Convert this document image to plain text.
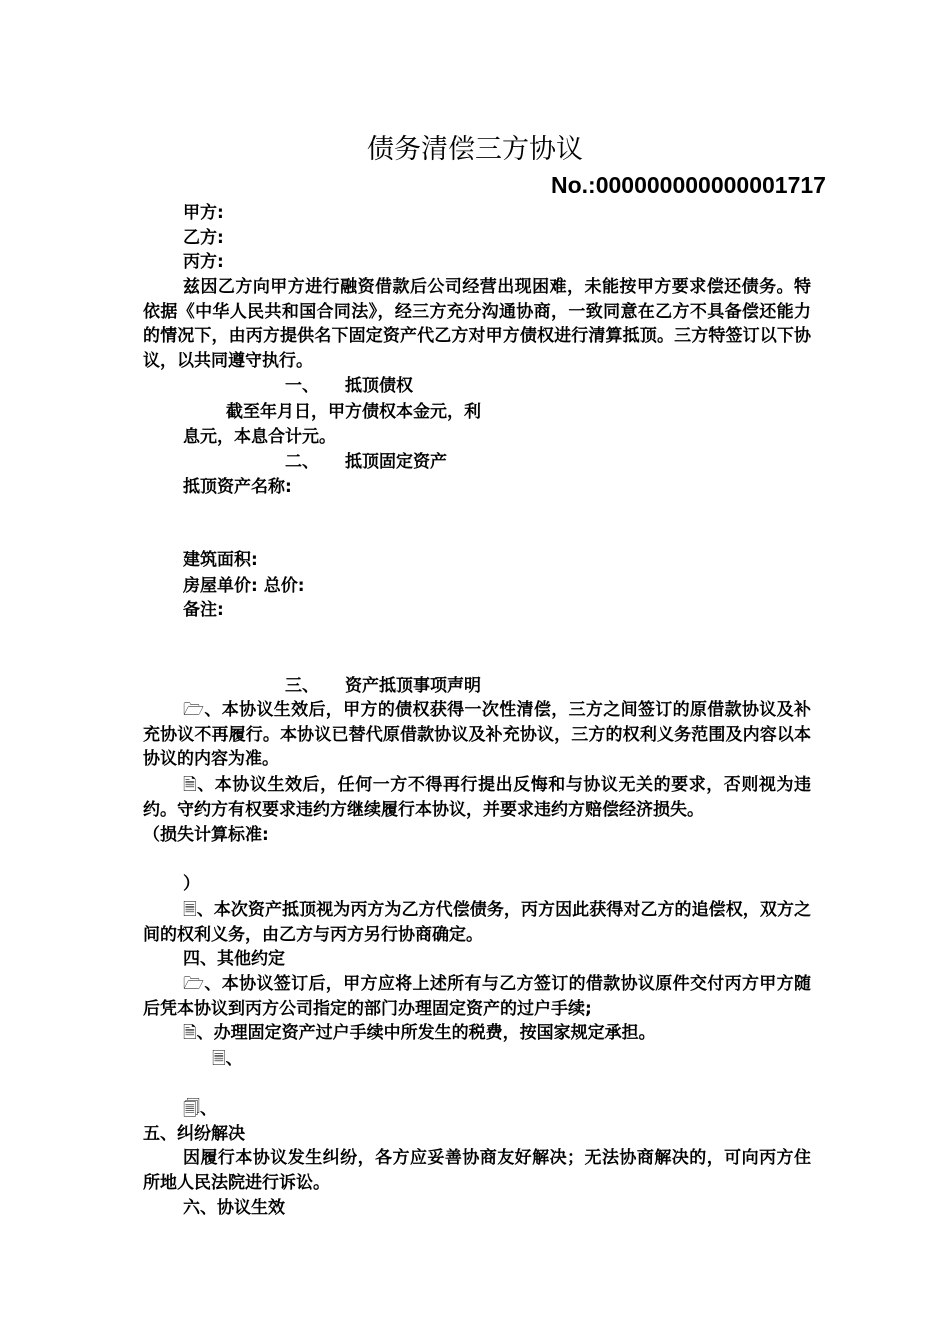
债务清偿三方协议
No.:000000000000001717
甲方:
乙方:
丙方:
兹因乙方向甲方进行融资借款后公司经营出现困难，未能按甲方要求偿还债务。特依据《中华人民共和国合同法》，经三方充分沟通协商，一致同意在乙方不具备偿还能力的情况下，由丙方提供名下固定资产代乙方对甲方债权进行清算抵顶。三方特签订以下协议，以共同遵守执行。
一、 抵顶债权
截至年月日，甲方债权本金元，利
息元，本息合计元。
二、 抵顶固定资产
抵顶资产名称:
建筑面积:
房屋单价: 总价:
备注:
三、 资产抵顶事项声明
🗁、本协议生效后，甲方的债权获得一次性清偿，三方之间签订的原借款协议及补充协议不再履行。本协议已替代原借款协议及补充协议，三方的权利义务范围及内容以本协议的内容为准。
🗎、本协议生效后，任何一方不得再行提出反悔和与协议无关的要求，否则视为违约。守约方有权要求违约方继续履行本协议，并要求违约方赔偿经济损失。
（损失计算标准:
）
🗏、本次资产抵顶视为丙方为乙方代偿债务，丙方因此获得对乙方的追偿权，双方之间的权利义务，由乙方与丙方另行协商确定。
四、其他约定
🗁、本协议签订后，甲方应将上述所有与乙方签订的借款协议原件交付丙方甲方随后凭本协议到丙方公司指定的部门办理固定资产的过户手续;
🗎、办理固定资产过户手续中所发生的税费，按国家规定承担。
🗏、
🗐、
五、纠纷解决
因履行本协议发生纠纷，各方应妥善协商友好解决；无法协商解决的，可向丙方住所地人民法院进行诉讼。
六、协议生效
